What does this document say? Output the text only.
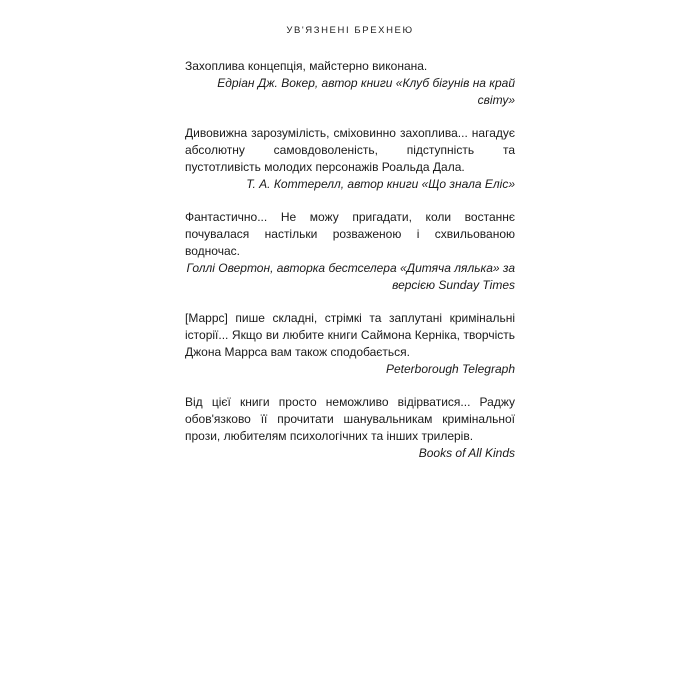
УВ'ЯЗНЕНІ БРЕХНЕЮ

Захоплива концепція, майстерно виконана.

Едріан Дж. Вокер, автор книги «Клуб бігунів на край світу»

Дивовижна зарозумілість, сміховинно захоплива... нагадує абсолютну самовдоволеність, підступність та пустотливість молодих персонажів Роальда Дала.

Т. А. Коттерелл, автор книги «Що знала Еліс»

Фантастично... Не можу пригадати, коли востаннє почувалася настільки розваженою і схвильованою водночас.

Голлі Овертон, авторка бестселера «Дитяча лялька» за версією Sunday Times

[Маррс] пише складні, стрімкі та заплутані кримінальні історії... Якщо ви любите книги Саймона Керніка, творчість Джона Маррса вам також сподобається.

Peterborough Telegraph

Від цієї книги просто неможливо відірватися... Раджу обов'язково її прочитати шанувальникам кримінальної прози, любителям психологічних та інших трилерів.

Books of All Kinds
